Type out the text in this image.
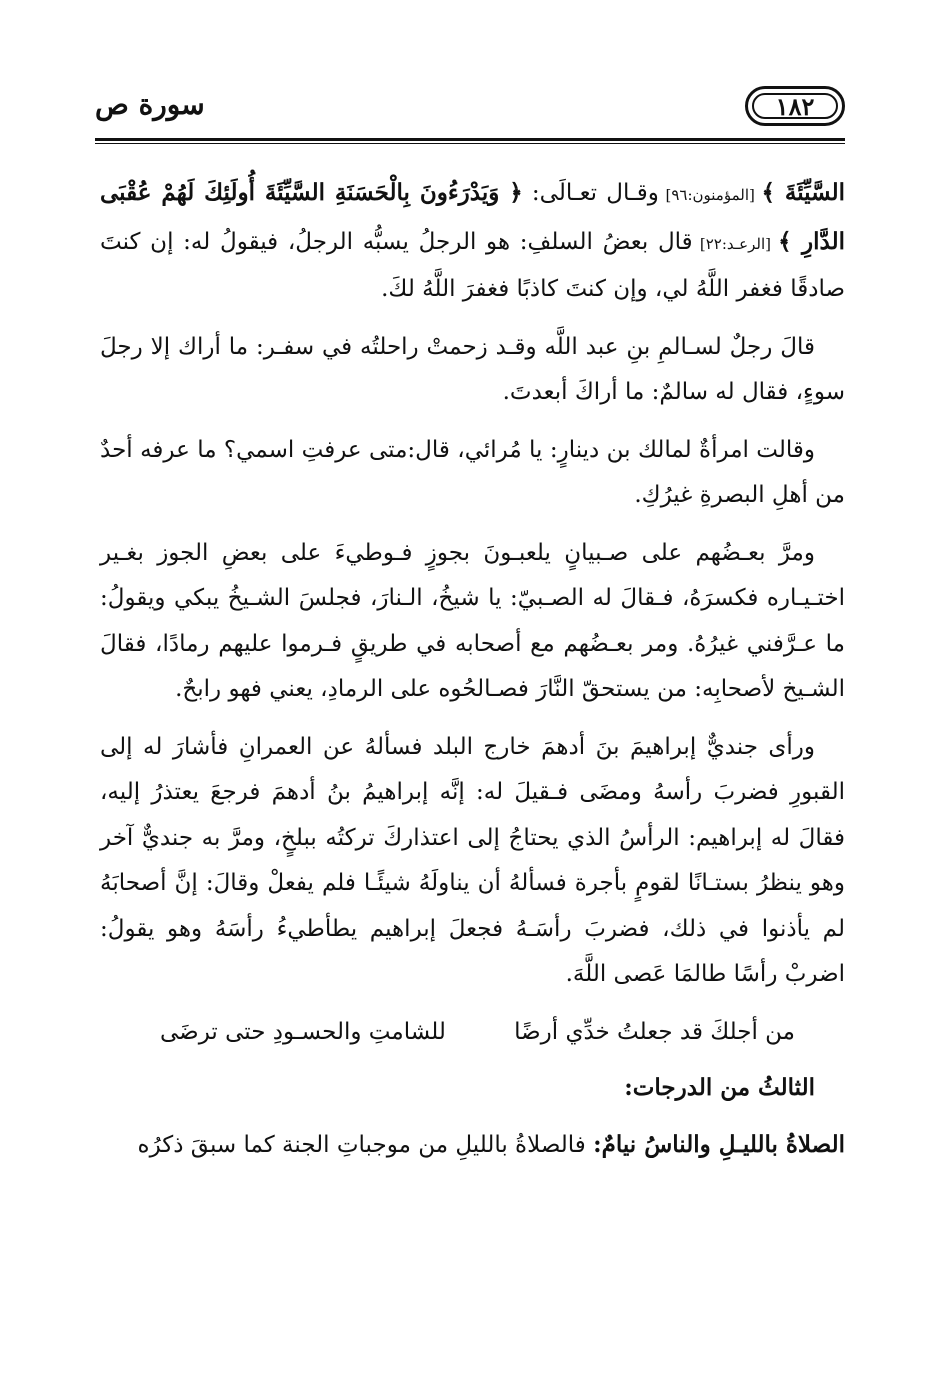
١٨٢
سورة ص

السَّيِّئَةَ ﴾ [المؤمنون:٩٦] وقـال تعـالَى: ﴿ وَيَدْرَءُونَ بِالْحَسَنَةِ السَّيِّئَةَ أُولَئِكَ لَهُمْ عُقْبَى الدَّارِ ﴾ [الرعـد:٢٢] قال بعضُ السلفِ: هو الرجلُ يسبُّه الرجلُ، فيقولُ له: إن كنتَ صادقًا فغفر اللَّهُ لي، وإن كنتَ كاذبًا فغفرَ اللَّهُ لكَ.

قالَ رجلٌ لسـالمِ بنِ عبد اللَّه وقـد زحمتْ راحلتُه في سفـر: ما أراك إلا رجلَ سوءٍ، فقال له سالمٌ: ما أراكَ أبعدتَ.

وقالت امرأةٌ لمالك بن دينارٍ: يا مُرائي، قال:متى عرفتِ اسمي؟ ما عرفه أحدٌ من أهلِ البصرةِ غيرُكِ.

ومرَّ بعـضُهم على صـبيانٍ يلعبـونَ بجوزٍ فـوطيءَ على بعضِ الجوز بغـير اختـيـاره فكسرَهُ، فـقالَ له الصـبيّ: يا شيخُ، الـنارَ، فجلسَ الشـيخُ يبكي ويقولُ: ما عـرَّفني غيرُهُ. ومر بعـضُهم مع أصحابه في طريقٍ فـرموا عليهم رمادًا، فقالَ الشـيخ لأصحابِه: من يستحقّ النَّارَ فصـالحُوه على الرمادِ، يعني فهو رابحٌ.

ورأى جنديٌّ إبراهيمَ بنَ أدهمَ خارج البلد فسألهُ عن العمرانِ فأشارَ له إلى القبورِ فضربَ رأسهُ ومضَى فـقيلَ له: إنَّه إبراهيمُ بنُ أدهمَ فرجعَ يعتذرُ إليه، فقالَ له إبراهيم: الرأسُ الذي يحتاجُ إلى اعتذاركَ تركتُه ببلخٍ، ومرَّ به جنديٌّ آخر وهو ينظرُ بستـانًا لقومٍ بأجرة فسألهُ أن يناولَهُ شيئًـا فلم يفعلْ وقالَ: إنَّ أصحابَهُ لم يأذنوا في ذلك، فضربَ رأسَـهُ فجعلَ إبراهيم يطأطيءُ رأسَهُ وهو يقولُ: اضربْ رأسًا طالمَا عَصى اللَّهَ.

من أجلكَ قد جعلتُ خدِّي أرضًا
للشامتِ والحسـودِ حتى ترضَى
الثالثُ من الدرجات:

الصلاةُ بالليـلِ والناسُ نيامٌ: فالصلاةُ بالليلِ من موجباتِ الجنة كما سبقَ ذكرُه
